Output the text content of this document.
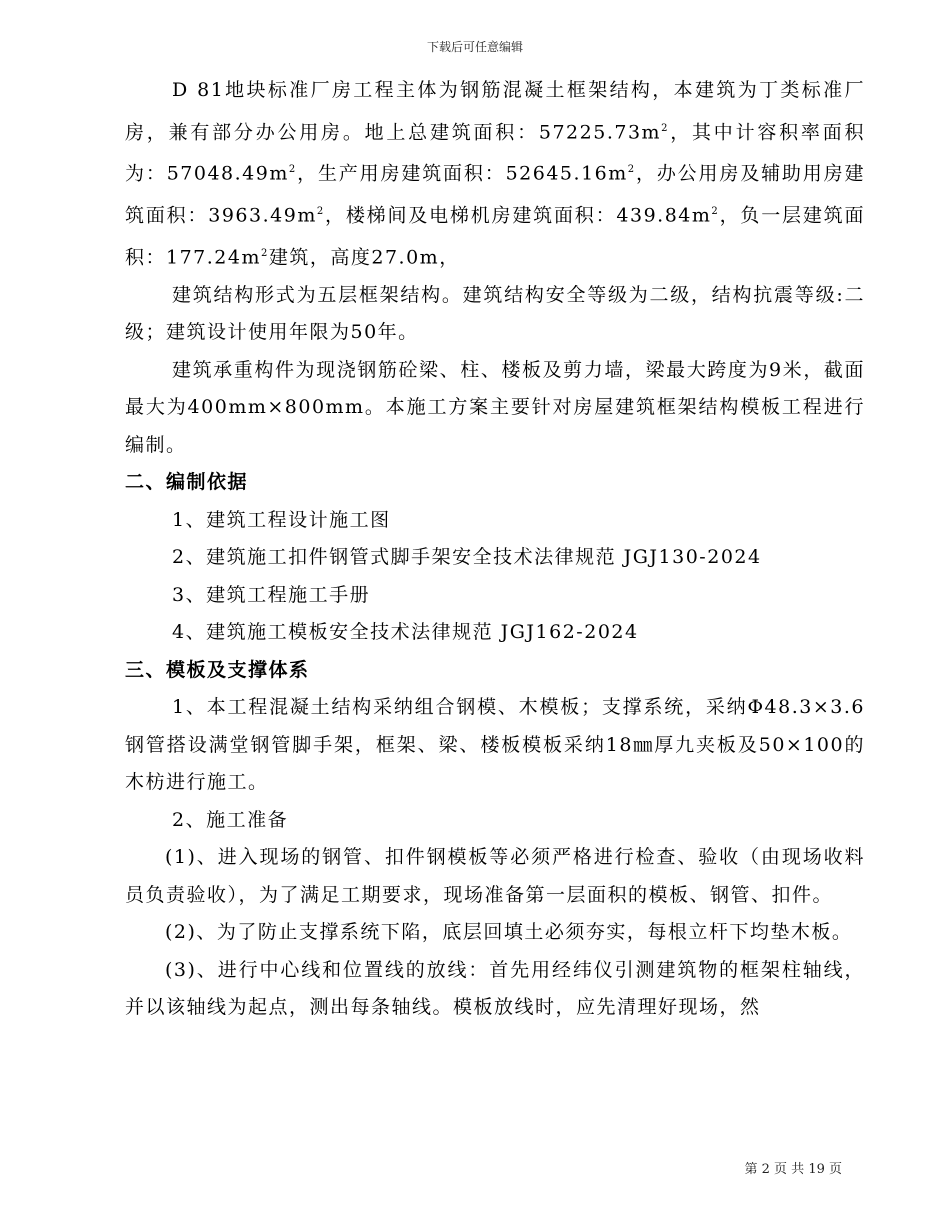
下载后可任意编辑

D 81地块标准厂房工程主体为钢筋混凝土框架结构，本建筑为丁类标准厂房，兼有部分办公用房。地上总建筑面积：$57225.73m^2$，其中计容积率面积为：$57048.49m^2$，生产用房建筑面积：$52645.16m^2$，办公用房及辅助用房建筑面积：$3963.49m^2$，楼梯间及电梯机房建筑面积：$439.84m^2$，负一层建筑面积：$177.24m^2$建筑，高度27.0m，

建筑结构形式为五层框架结构。建筑结构安全等级为二级，结构抗震等级:二级；建筑设计使用年限为50年。

建筑承重构件为现浇钢筋砼梁、柱、楼板及剪力墙，梁最大跨度为9米，截面最大为400mm×800mm。本施工方案主要针对房屋建筑框架结构模板工程进行编制。

二、编制依据

1、建筑工程设计施工图

2、建筑施工扣件钢管式脚手架安全技术法律规范 JGJ130-2024

3、建筑工程施工手册

4、建筑施工模板安全技术法律规范 JGJ162-2024

三、模板及支撑体系

1、本工程混凝土结构采纳组合钢模、木模板；支撑系统，采纳Φ48.3×3.6钢管搭设满堂钢管脚手架，框架、梁、楼板模板采纳18㎜厚九夹板及50×100的木枋进行施工。

2、施工准备

(1)、进入现场的钢管、扣件钢模板等必须严格进行检查、验收（由现场收料员负责验收），为了满足工期要求，现场准备第一层面积的模板、钢管、扣件。

(2)、为了防止支撑系统下陷，底层回填土必须夯实，每根立杆下均垫木板。

(3)、进行中心线和位置线的放线：首先用经纬仪引测建筑物的框架柱轴线，并以该轴线为起点，测出每条轴线。模板放线时，应先清理好现场，然

第 2 页 共 19 页
